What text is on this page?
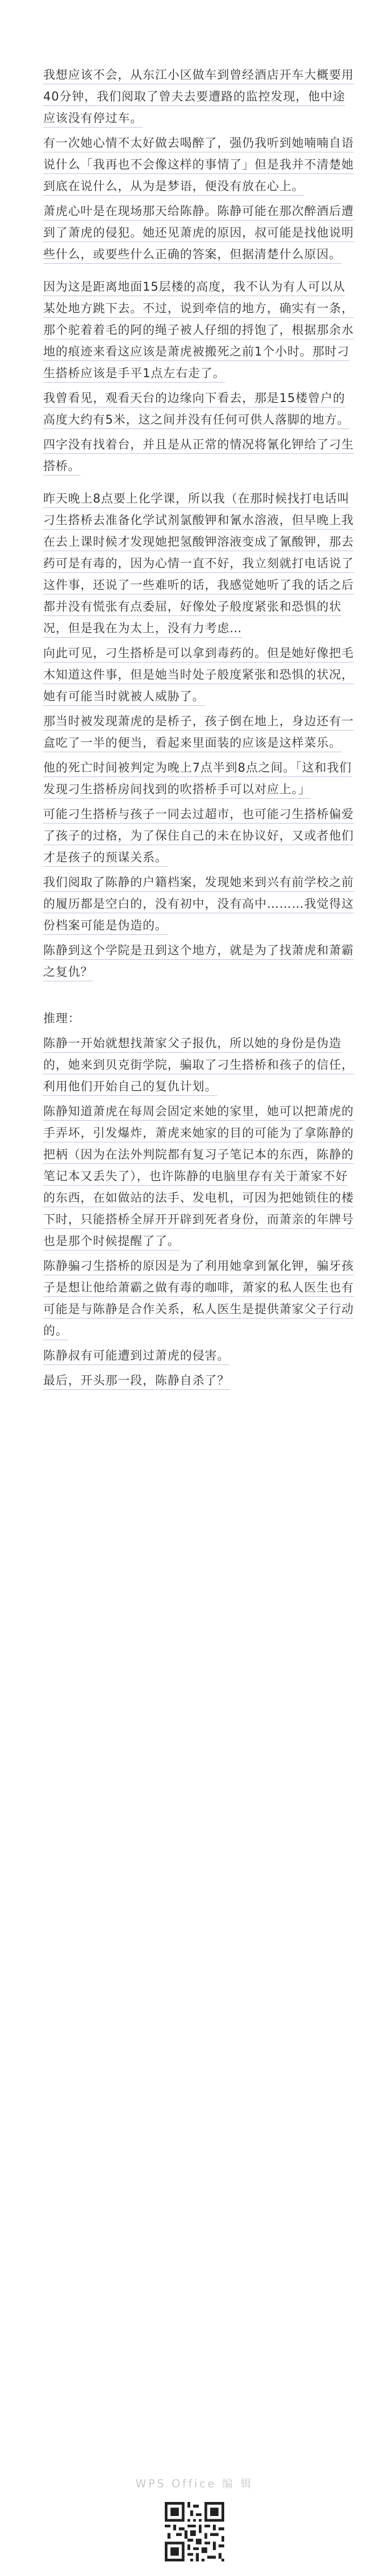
我想应该不会，从东江小区做车到曾经酒店开车大概要用40分钟，我们阅取了曾夫去要遭路的监控发现，他中途应该没有停过车。
有一次她心情不太好做去喝醉了，强仍我听到她喃喃自语说什么「我再也不会像这样的事情了」但是我并不清楚她到底在说什么，从为是梦语，便没有放在心上。
萧虎心叶是在现场那天给陈静。陈静可能在那次醉酒后遭到了萧虎的侵犯。她还见萧虎的原因，叔可能是找他说明些什么，或要些什么正确的答案，但据清楚什么原因。
因为这是距离地面15层楼的高度，我不认为有人可以从某处地方跳下去。不过，说到牵信的地方，确实有一条，那个驼着着毛的阿的绳子被人仔细的捋饱了，根据那余水地的痕迹来看这应该是萧虎被搬死之前1个小时。那时刁生搭桥应该是手平1点左右走了。
我曾看见，观看天台的边缘向下看去，那是15楼曾户的高度大约有5米，这之间并没有任何可供人落脚的地方。
四字没有找着台，并且是从正常的情况将氰化钾给了刁生搭桥。
昨天晚上8点要上化学课，所以我（在那时候找打电话叫刁生搭桥去准备化学试剂氯酸钾和氰水溶液，但早晚上我在去上课时候才发现她把氢酸钾溶液变成了氰酸钾，那去药可是有毒的，因为心情一直不好，我立刻就打电话说了这件事，还说了一些难听的话，我感觉她听了我的话之后都并没有慌张有点委屈，好像处子般度紧张和恐惧的状况，但是我在为太上，没有力考虑…
向此可见，刁生搭桥是可以拿到毒药的。但是她好像把毛木知道这件事，但是她当时处子般度紧张和恐惧的状况，她有可能当时就被人威胁了。
那当时被发现萧虎的是桥子，孩子倒在地上，身边还有一盒吃了一半的便当，看起来里面装的应该是这样菜乐。
他的死亡时间被判定为晚上7点半到8点之间。「这和我们发现刁生搭桥房间找到的吹搭桥手可以对应上。」
可能刁生搭桥与孩子一同去过超市，也可能刁生搭桥偏爱了孩子的过格，为了保住自己的未在协议好，又或者他们才是孩子的预谋关系。
我们阅取了陈静的户籍档案，发现她来到兴有前学校之前的履历都是空白的，没有初中，没有高中………我觉得这份档案可能是伪造的。
陈静到这个学院是丑到这个地方，就是为了找萧虎和萧霸之复仇？
推理：
陈静一开始就想找萧家父子报仇，所以她的身份是伪造的，她来到贝克街学院，骗取了刁生搭桥和孩子的信任，利用他们开始自己的复仇计划。
陈静知道萧虎在每周会固定来她的家里，她可以把萧虎的手弄坏，引发爆炸，萧虎来她家的目的可能为了拿陈静的把柄（因为在法外判院都有复习子笔记本的东西，陈静的笔记本又丢失了），也许陈静的电脑里存有关于萧家不好的东西，在如做站的法手、发电机，可因为把她锁住的楼下时，只能搭桥全屏开开辟到死者身份，而萧亲的年牌号也是那个时候提醒了了。
陈静骗刁生搭桥的原因是为了利用她拿到氰化钾，骗牙孩子是想让他给萧霸之做有毒的咖啡，萧家的私人医生也有可能是与陈静是合作关系，私人医生是提供萧家父子行动的。
陈静叔有可能遭到过萧虎的侵害。
最后，开头那一段，陈静自杀了？
WPS Office 编 辑
